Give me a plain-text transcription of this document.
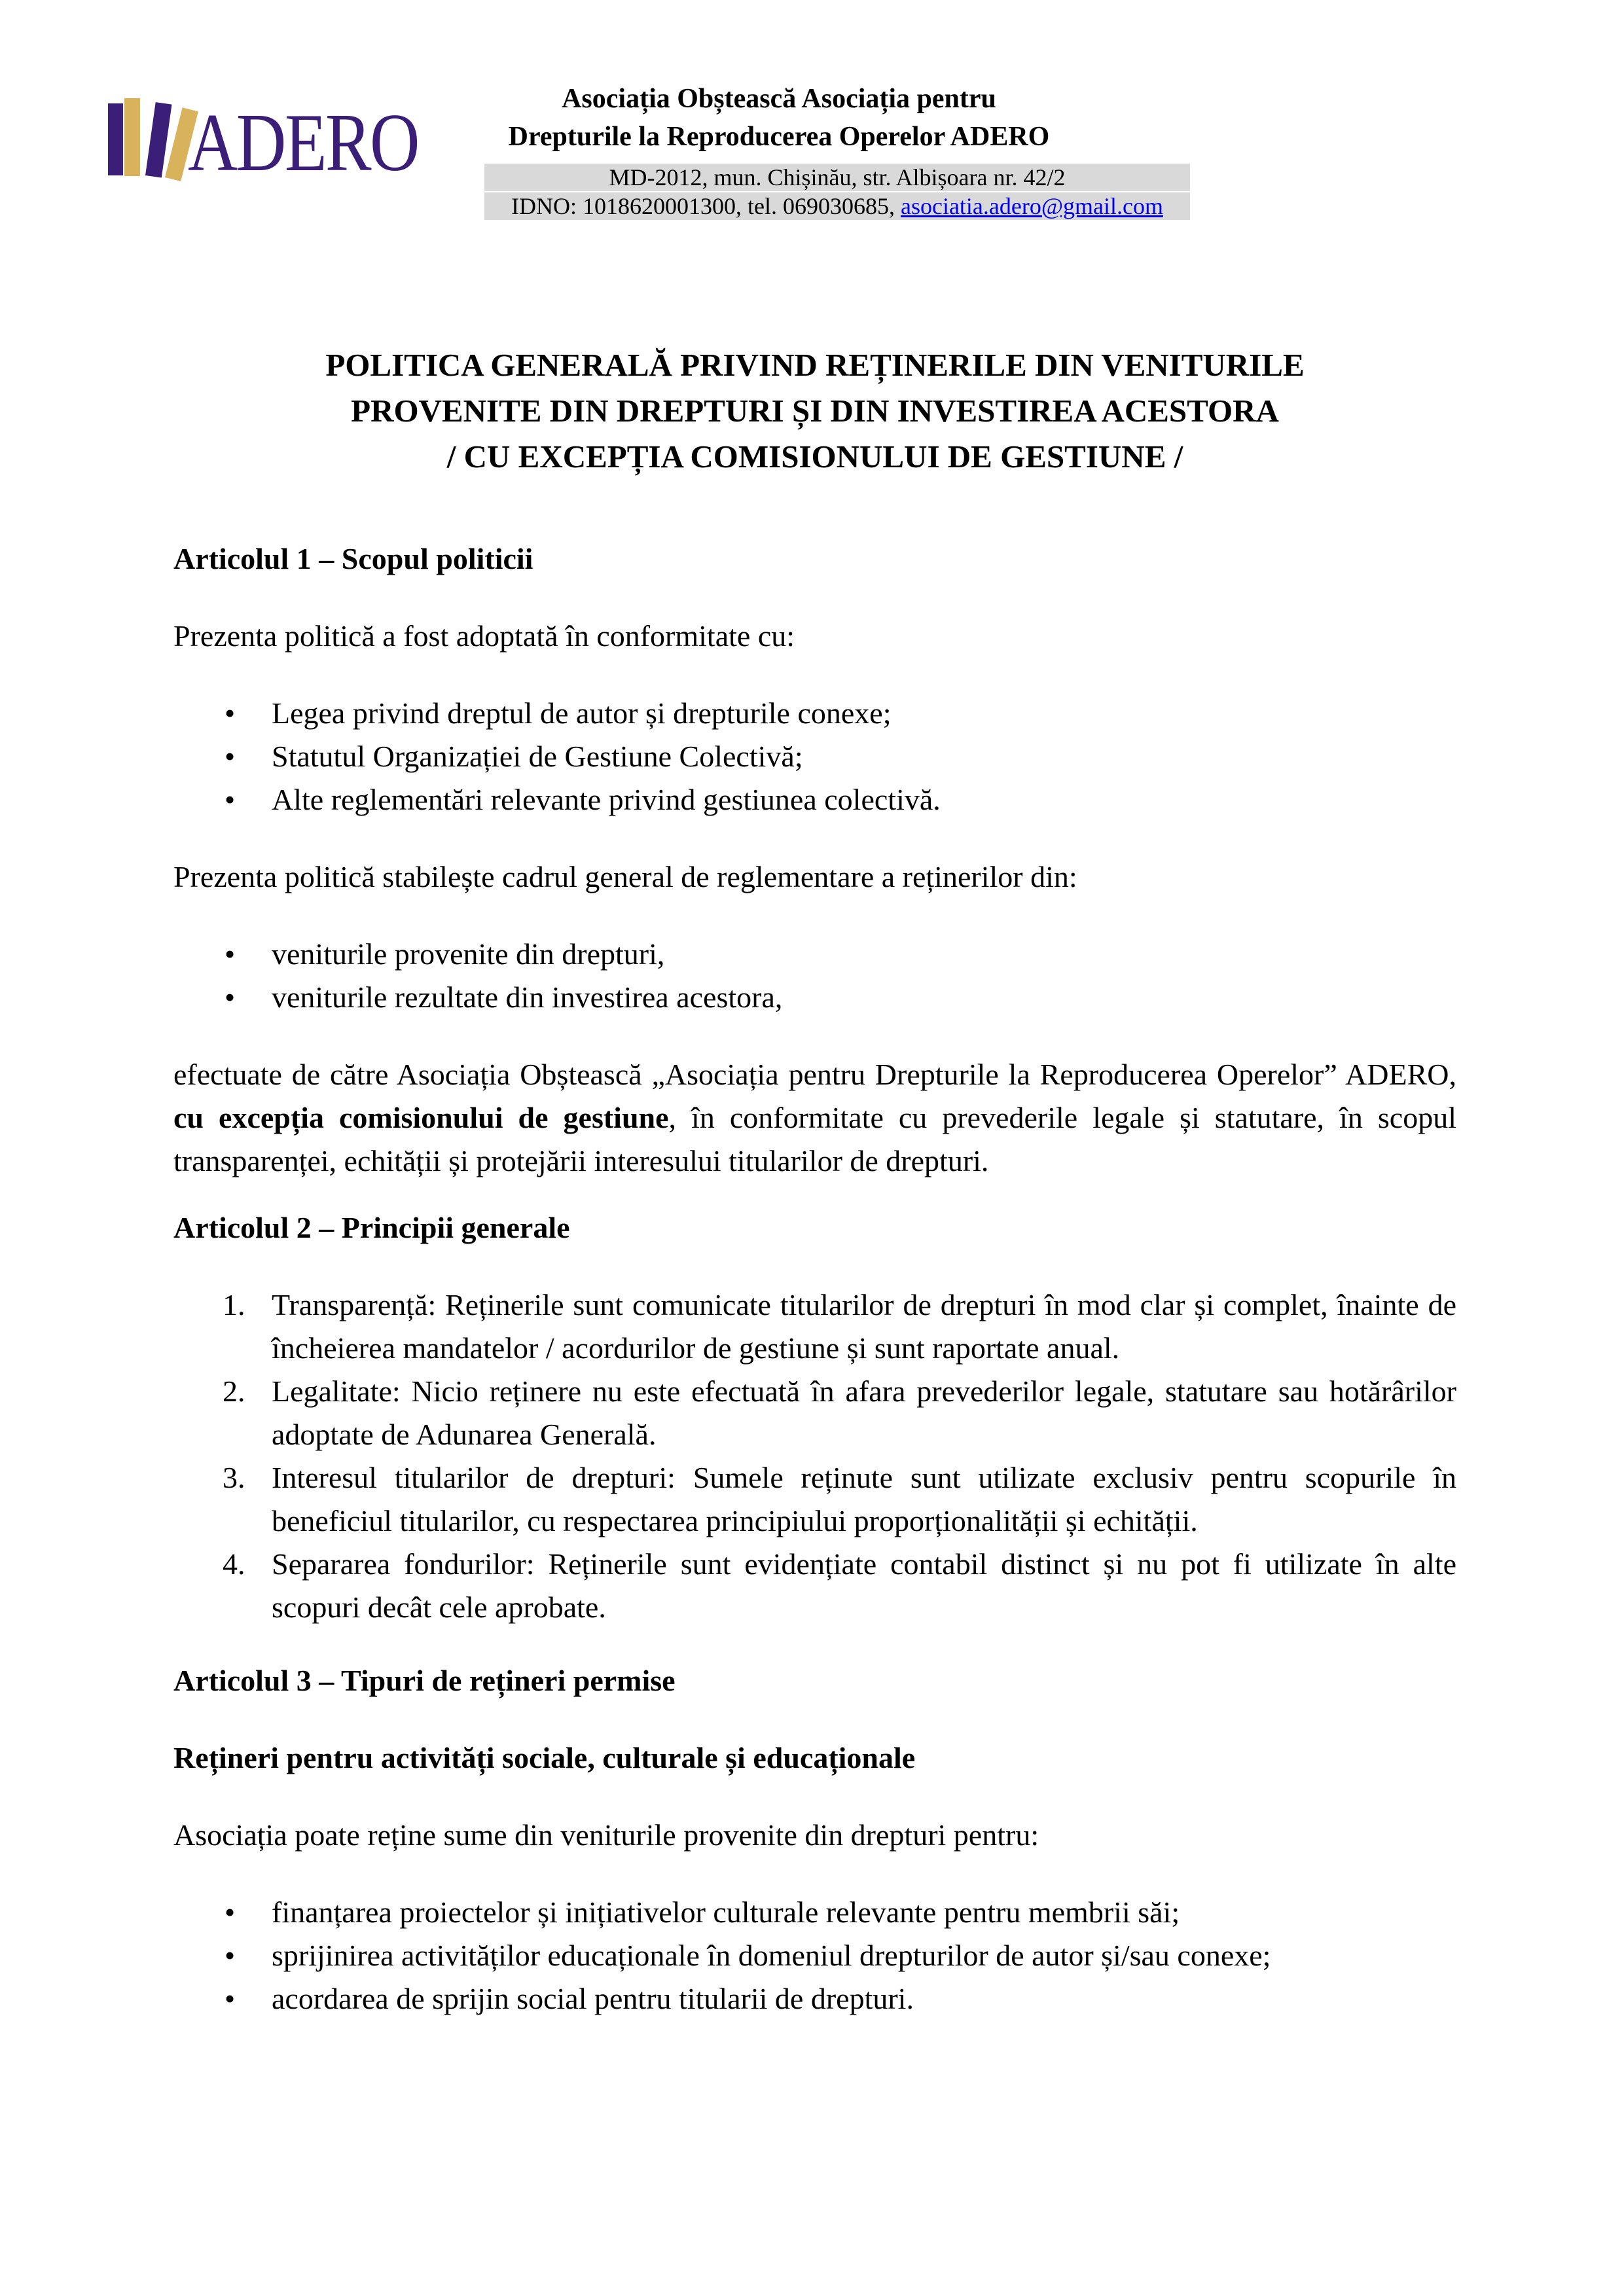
ADERO	Asociația Obștească Asociația pentru
Drepturile la Reproducerea Operelor ADERO
MD-2012, mun. Chișinău, str. Albișoara nr. 42/2
IDNO: 1018620001300, tel. 069030685, asociatia.adero@gmail.com
POLITICA GENERALĂ PRIVIND REȚINERILE DIN VENITURILE
PROVENITE DIN DREPTURI ȘI DIN INVESTIREA ACESTORA
/ CU EXCEPȚIA COMISIONULUI DE GESTIUNE /
Articolul 1 – Scopul politicii
Prezenta politică a fost adoptată în conformitate cu:
• Legea privind dreptul de autor și drepturile conexe;
• Statutul Organizației de Gestiune Colectivă;
• Alte reglementări relevante privind gestiunea colectivă.
Prezenta politică stabilește cadrul general de reglementare a reținerilor din:
• veniturile provenite din drepturi,
• veniturile rezultate din investirea acestora,
efectuate de către Asociația Obștească „Asociația pentru Drepturile la Reproducerea Operelor” ADERO, cu excepția comisionului de gestiune, în conformitate cu prevederile legale și statutare, în scopul transparenței, echității și protejării interesului titularilor de drepturi.
Articolul 2 – Principii generale
Transparență: Reținerile sunt comunicate titularilor de drepturi în mod clar și complet, înainte de încheierea mandatelor / acordurilor de gestiune și sunt raportate anual.
Legalitate: Nicio reținere nu este efectuată în afara prevederilor legale, statutare sau hotărârilor adoptate de Adunarea Generală.
Interesul titularilor de drepturi: Sumele reținute sunt utilizate exclusiv pentru scopurile în beneficiul titularilor, cu respectarea principiului proporționalității și echității.
Separarea fondurilor: Reținerile sunt evidențiate contabil distinct și nu pot fi utilizate în alte scopuri decât cele aprobate.
Articolul 3 – Tipuri de rețineri permise
Rețineri pentru activități sociale, culturale și educaționale
Asociația poate reține sume din veniturile provenite din drepturi pentru:
• finanțarea proiectelor și inițiativelor culturale relevante pentru membrii săi;
• sprijinirea activităților educaționale în domeniul drepturilor de autor și/sau conexe;
• acordarea de sprijin social pentru titularii de drepturi.
